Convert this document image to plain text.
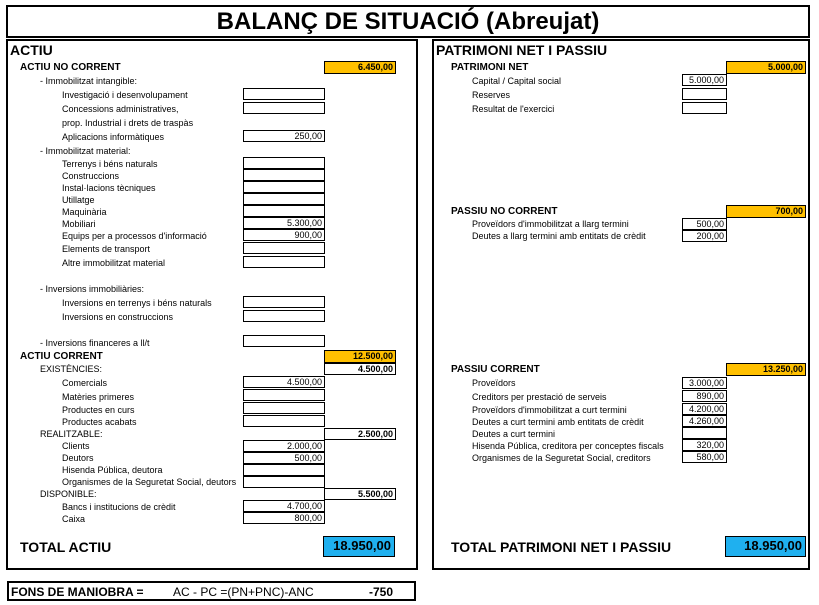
BALANÇ DE SITUACIÓ (Abreujat)
ACTIU
ACTIU NO CORRENT	6.450,00
- Immobilitzat intangible:
Investigació i desenvolupament
Concessions administratives,
prop. Industrial i drets de traspàs
Aplicacions informàtiques	250,00
- Immobilitzat material:
Terrenys i béns naturals
Construccions
Instal·lacions tècniques
Utillatge
Maquinària
Mobiliari	5.300,00
Equips per a processos d'informació	900,00
Elements de transport
Altre immobilitzat material
- Inversions immobiliàries:
Inversions en terrenys i béns naturals
Inversions en construccions
- Inversions financeres a ll/t
ACTIU CORRENT	12.500,00
EXISTÈNCIES:	4.500,00
Comercials	4.500,00
Matèries primeres
Productes en curs
Productes acabats
REALITZABLE:	2.500,00
Clients	2.000,00
Deutors	500,00
Hisenda Pública, deutora
Organismes de la Seguretat Social, deutors
DISPONIBLE:	5.500,00
Bancs i institucions de crèdit	4.700,00
Caixa	800,00
TOTAL ACTIU	18.950,00
PATRIMONI NET I PASSIU
PATRIMONI NET	5.000,00
Capital / Capital social	5.000,00
Reserves
Resultat de l'exercici
PASSIU NO CORRENT	700,00
Proveïdors d'immobilitzat a llarg termini	500,00
Deutes a llarg termini amb entitats de crèdit	200,00
PASSIU CORRENT	13.250,00
Proveïdors	3.000,00
Creditors per prestació de serveis	890,00
Proveïdors d'immobilitzat a curt termini	4.200,00
Deutes a curt termini amb entitats de crèdit	4.260,00
Deutes a curt termini
Hisenda Pública, creditora per conceptes fiscals	320,00
Organismes de la Seguretat Social, creditors	580,00
TOTAL PATRIMONI NET I PASSIU	18.950,00
FONS DE MANIOBRA = AC - PC =(PN+PNC)-ANC	-750
